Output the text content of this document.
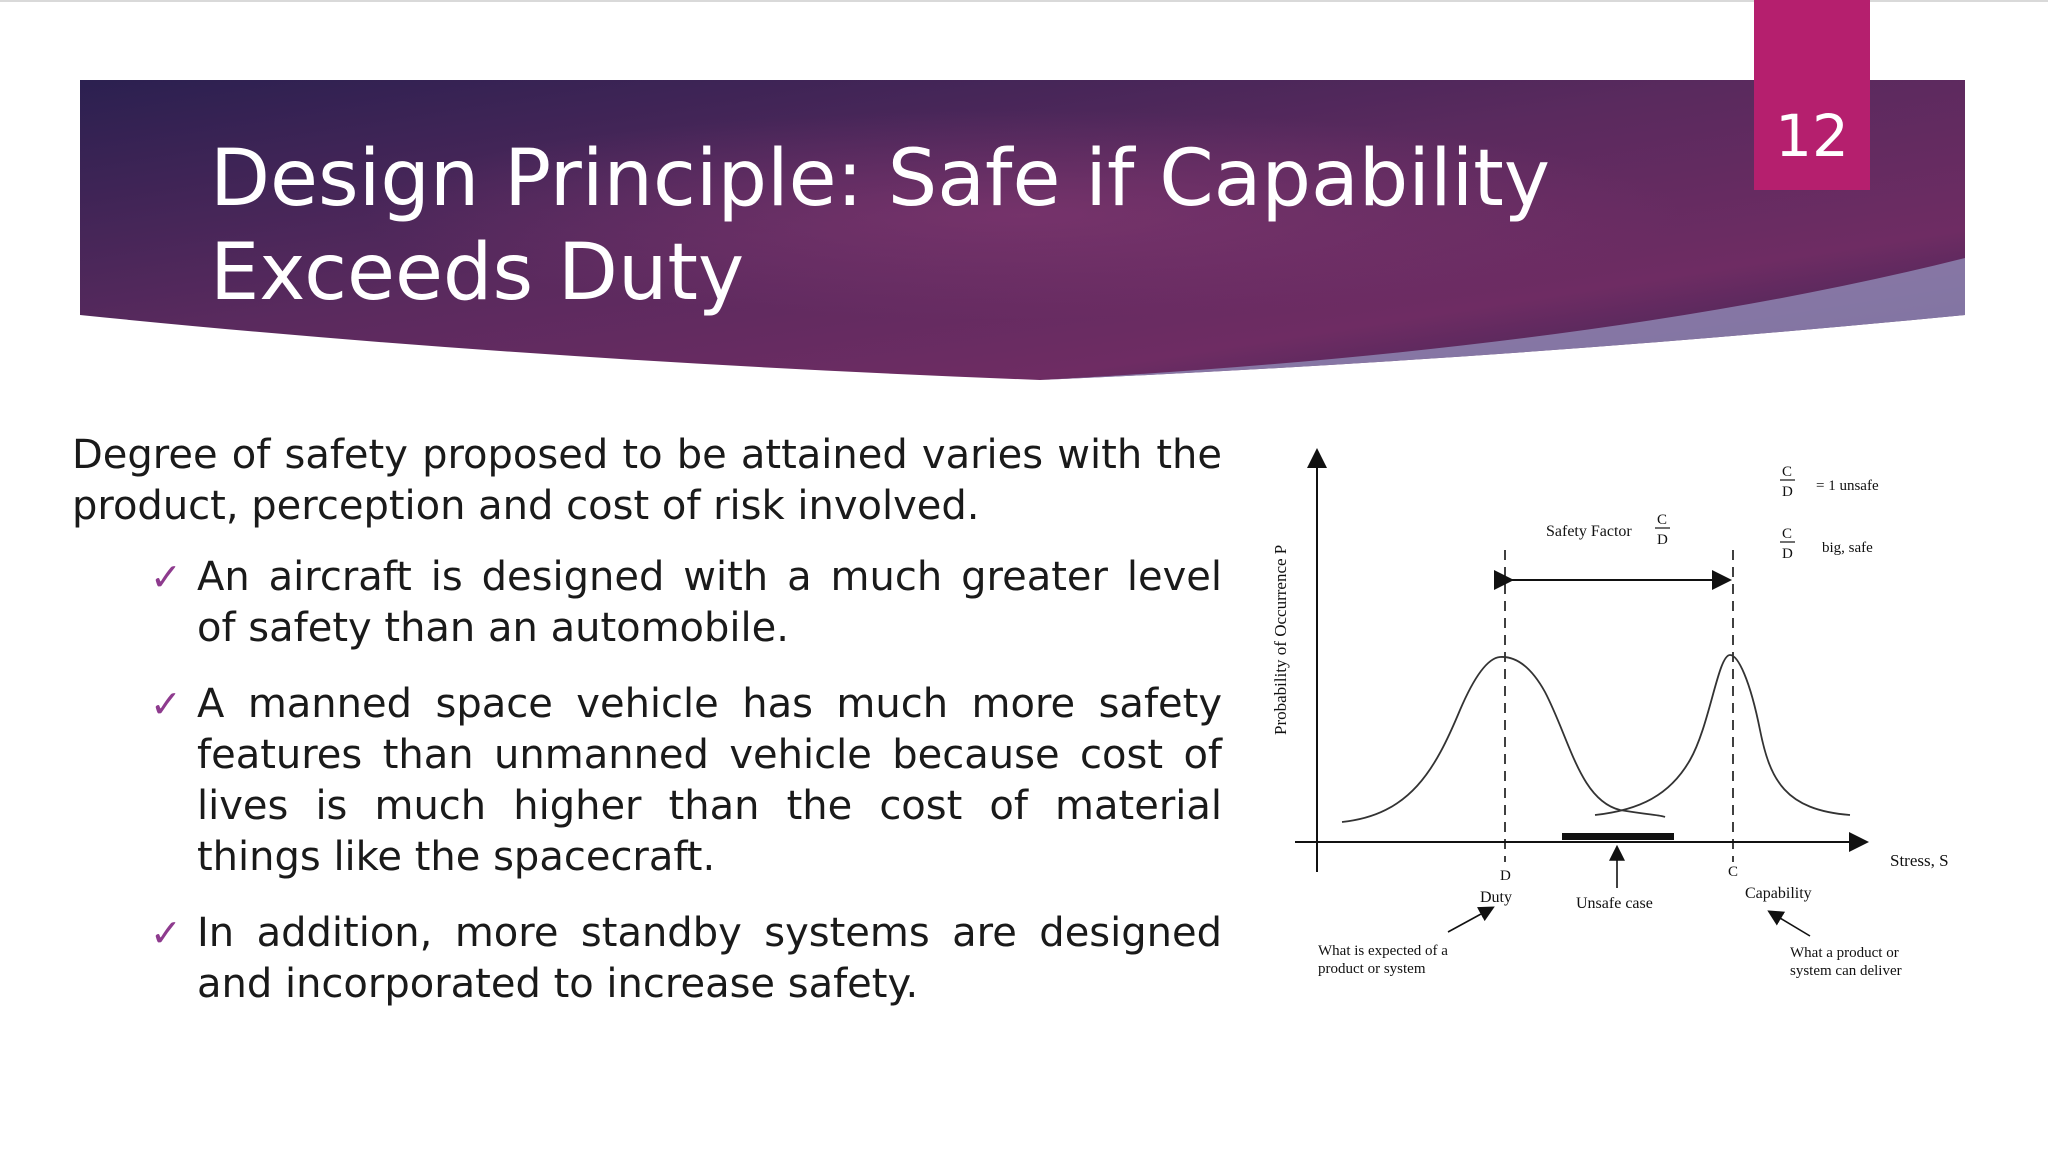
Design Principle: Safe if Capability
Exceeds Duty
12

Degree of safety proposed to be attained varies with the product, perception and cost of risk involved.

✓ An aircraft is designed with a much greater level of safety than an automobile.
✓ A manned space vehicle has much more safety features than unmanned vehicle because cost of lives is much higher than the cost of material things like the spacecraft.
✓ In addition, more standby systems are designed and incorporated to increase safety.
Probability of Occurrence P
Stress, S
Safety Factor
C
D
C
D = 1 unsafe
C
D big, safe
D
Duty
C
Capability
Unsafe case
What is expected of a
product or system
What a product or
system can deliver
